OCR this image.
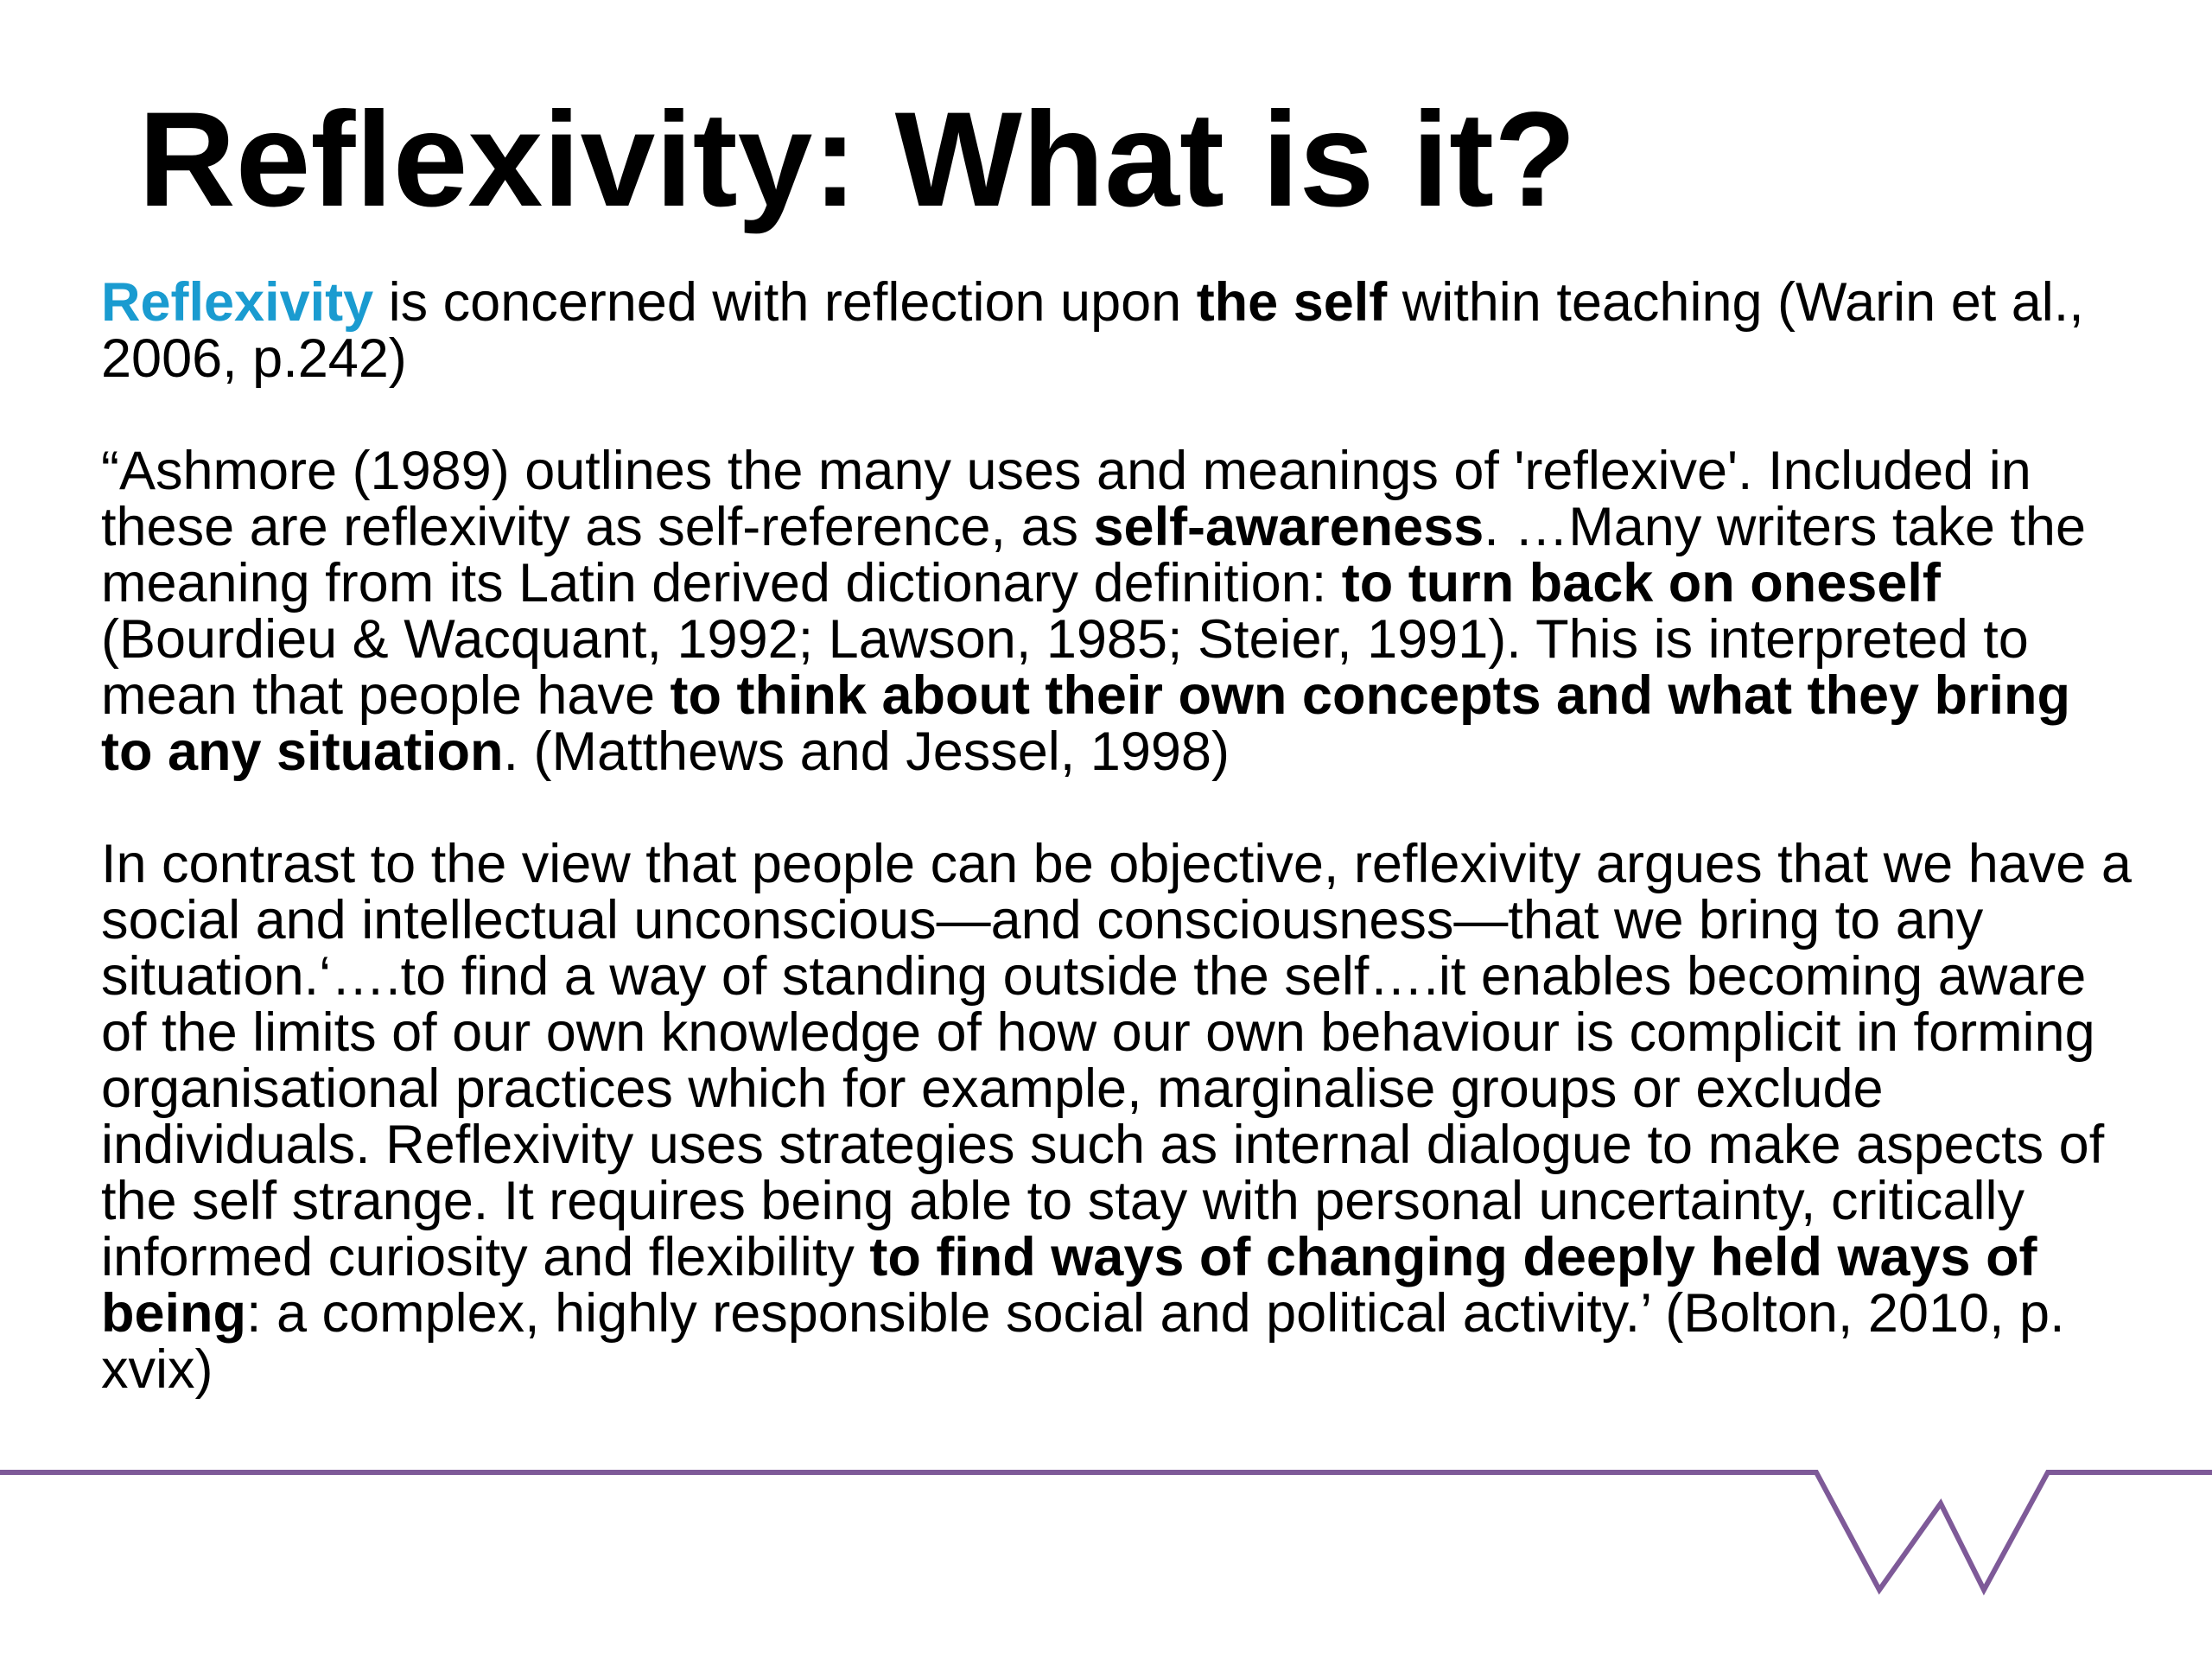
Reflexivity: What is it?

Reflexivity is concerned with reflection upon the self within teaching (Warin et al., 2006, p.242)

“Ashmore (1989) outlines the many uses and meanings of 'reflexive'. Included in these are reflexivity as self-reference, as self-awareness. …Many writers take the meaning from its Latin derived dictionary definition: to turn back on oneself (Bourdieu & Wacquant, 1992; Lawson, 1985; Steier, 1991). This is interpreted to mean that people have to think about their own concepts and what they bring to any situation. (Matthews and Jessel, 1998)

In contrast to the view that people can be objective, reflexivity argues that we have a social and intellectual unconscious—and consciousness—that we bring to any situation.‘….to find a way of standing outside the self….it enables becoming aware of the limits of our own knowledge of how our own behaviour is complicit in forming organisational practices which for example, marginalise groups or exclude individuals. Reflexivity uses strategies such as internal dialogue to make aspects of the self strange. It requires being able to stay with personal uncertainty, critically informed curiosity and flexibility to find ways of changing deeply held ways of being: a complex, highly responsible social and political activity.’ (Bolton, 2010, p. xvix)
